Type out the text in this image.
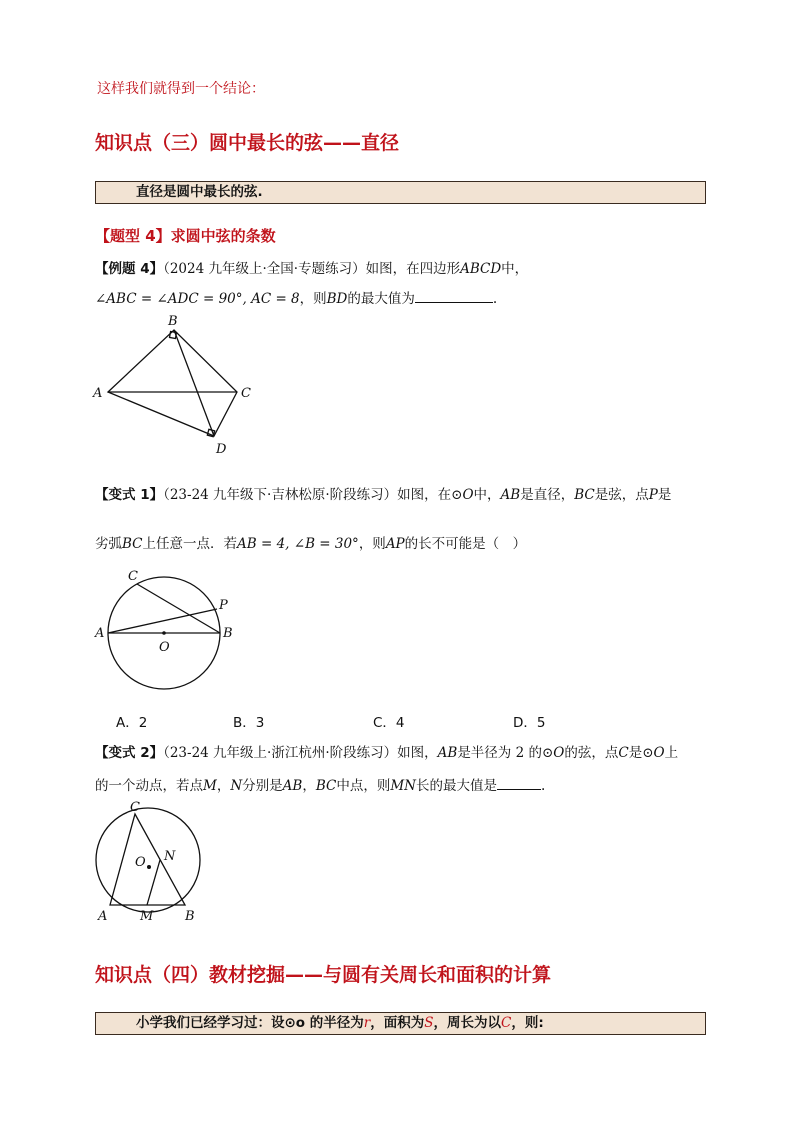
这样我们就得到一个结论：
知识点（三）圆中最长的弦——直径
直径是圆中最长的弦.
【题型 4】求圆中弦的条数
【例题 4】（2024 九年级上·全国·专题练习）如图，在四边形ABCD中，
∠ABC = ∠ADC = 90°, AC = 8，则BD的最大值为	.
A
B
C
D
【变式 1】（23-24 九年级下·吉林松原·阶段练习）如图，在⊙O中，AB是直径，BC是弦，点P是
劣弧BC上任意一点．若AB = 4, ∠B = 30°，则AP的长不可能是（　）
A	B
C
P
O
A．2	B．3	C．4	D．5
【变式 2】（23-24 九年级上·浙江杭州·阶段练习）如图，AB是半径为 2 的⊙O的弦，点C是⊙O上
的一个动点，若点M，N分别是AB，BC中点，则MN长的最大值是	.
A	B
C
M
N
O
知识点（四）教材挖掘——与圆有关周长和面积的计算
小学我们已经学习过：设⊙o 的半径为r，面积为S，周长为以C，则:
